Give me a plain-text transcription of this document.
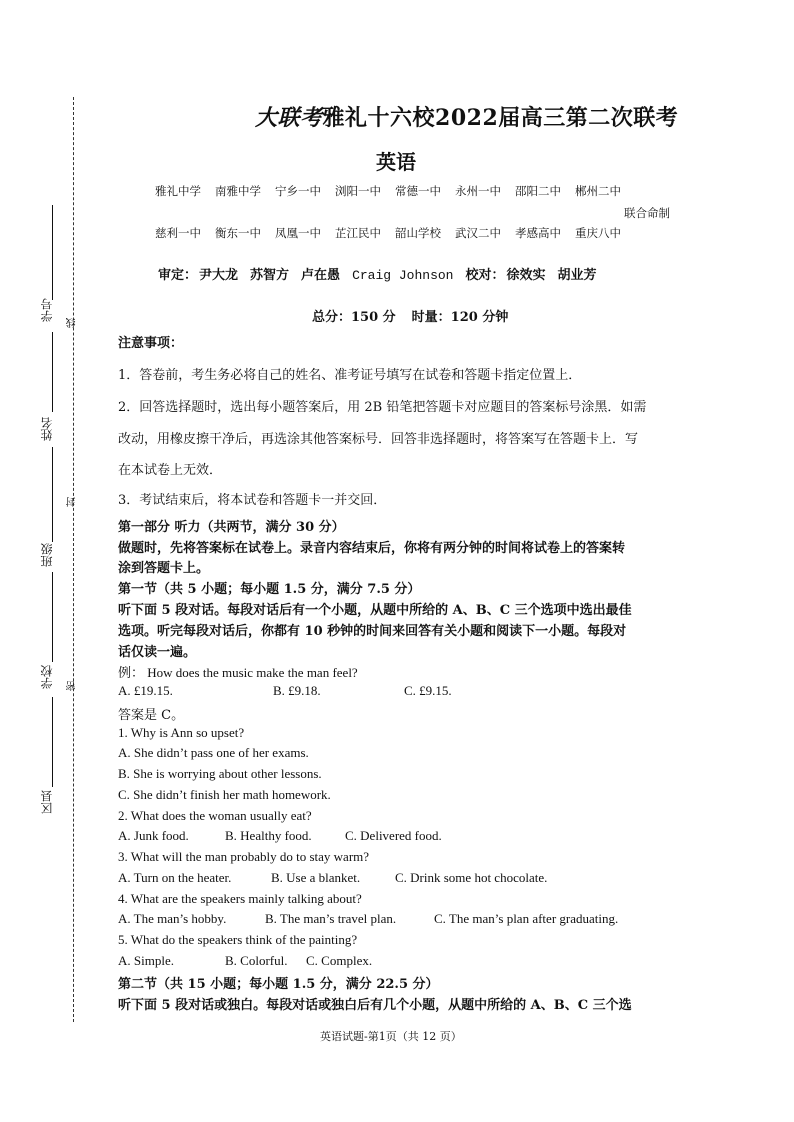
学号
姓名
班级
学校
区县
线
封
密
大联考雅礼十六校2022届高三第二次联考
英语
雅礼中学 南雅中学 宁乡一中 浏阳一中 常德一中 永州一中 邵阳二中 郴州二中
联合命制
慈利一中 衡东一中 凤凰一中 芷江民中 韶山学校 武汉二中 孝感高中 重庆八中
审定： 尹大龙 苏智方 卢在愚 Craig Johnson 校对： 徐效实 胡业芳
总分：150 分 时量：120 分钟
注意事项：
1．答卷前，考生务必将自己的姓名、准考证号填写在试卷和答题卡指定位置上．
2．回答选择题时，选出每小题答案后，用 2B 铅笔把答题卡对应题目的答案标号涂黑．如需
改动，用橡皮擦干净后，再选涂其他答案标号．回答非选择题时，将答案写在答题卡上．写
在本试卷上无效．
3．考试结束后，将本试卷和答题卡一并交回．
第一部分 听力（共两节，满分 30 分）
做题时，先将答案标在试卷上。录音内容结束后，你将有两分钟的时间将试卷上的答案转
涂到答题卡上。
第一节（共 5 小题；每小题 1.5 分，满分 7.5 分）
听下面 5 段对话。每段对话后有一个小题，从题中所给的 A、B、C 三个选项中选出最佳
选项。听完每段对话后，你都有 10 秒钟的时间来回答有关小题和阅读下一小题。每段对
话仅读一遍。
例： How does the music make the man feel?
A. £19.15.	B. £9.18.	C. £9.15.
答案是 C。
1. Why is Ann so upset?
A. She didn’t pass one of her exams.
B. She is worrying about other lessons.
C. She didn’t finish her math homework.
2. What does the woman usually eat?
A. Junk food.	B. Healthy food.	C. Delivered food.
3. What will the man probably do to stay warm?
A. Turn on the heater.	B. Use a blanket.	C. Drink some hot chocolate.
4. What are the speakers mainly talking about?
A. The man’s hobby.	B. The man’s travel plan.	C. The man’s plan after graduating.
5. What do the speakers think of the painting?
A. Simple.	B. Colorful. C. Complex.
第二节（共 15 小题；每小题 1.5 分，满分 22.5 分）
听下面 5 段对话或独白。每段对话或独白后有几个小题，从题中所给的 A、B、C 三个选
英语试题-第1页（共 12 页）
